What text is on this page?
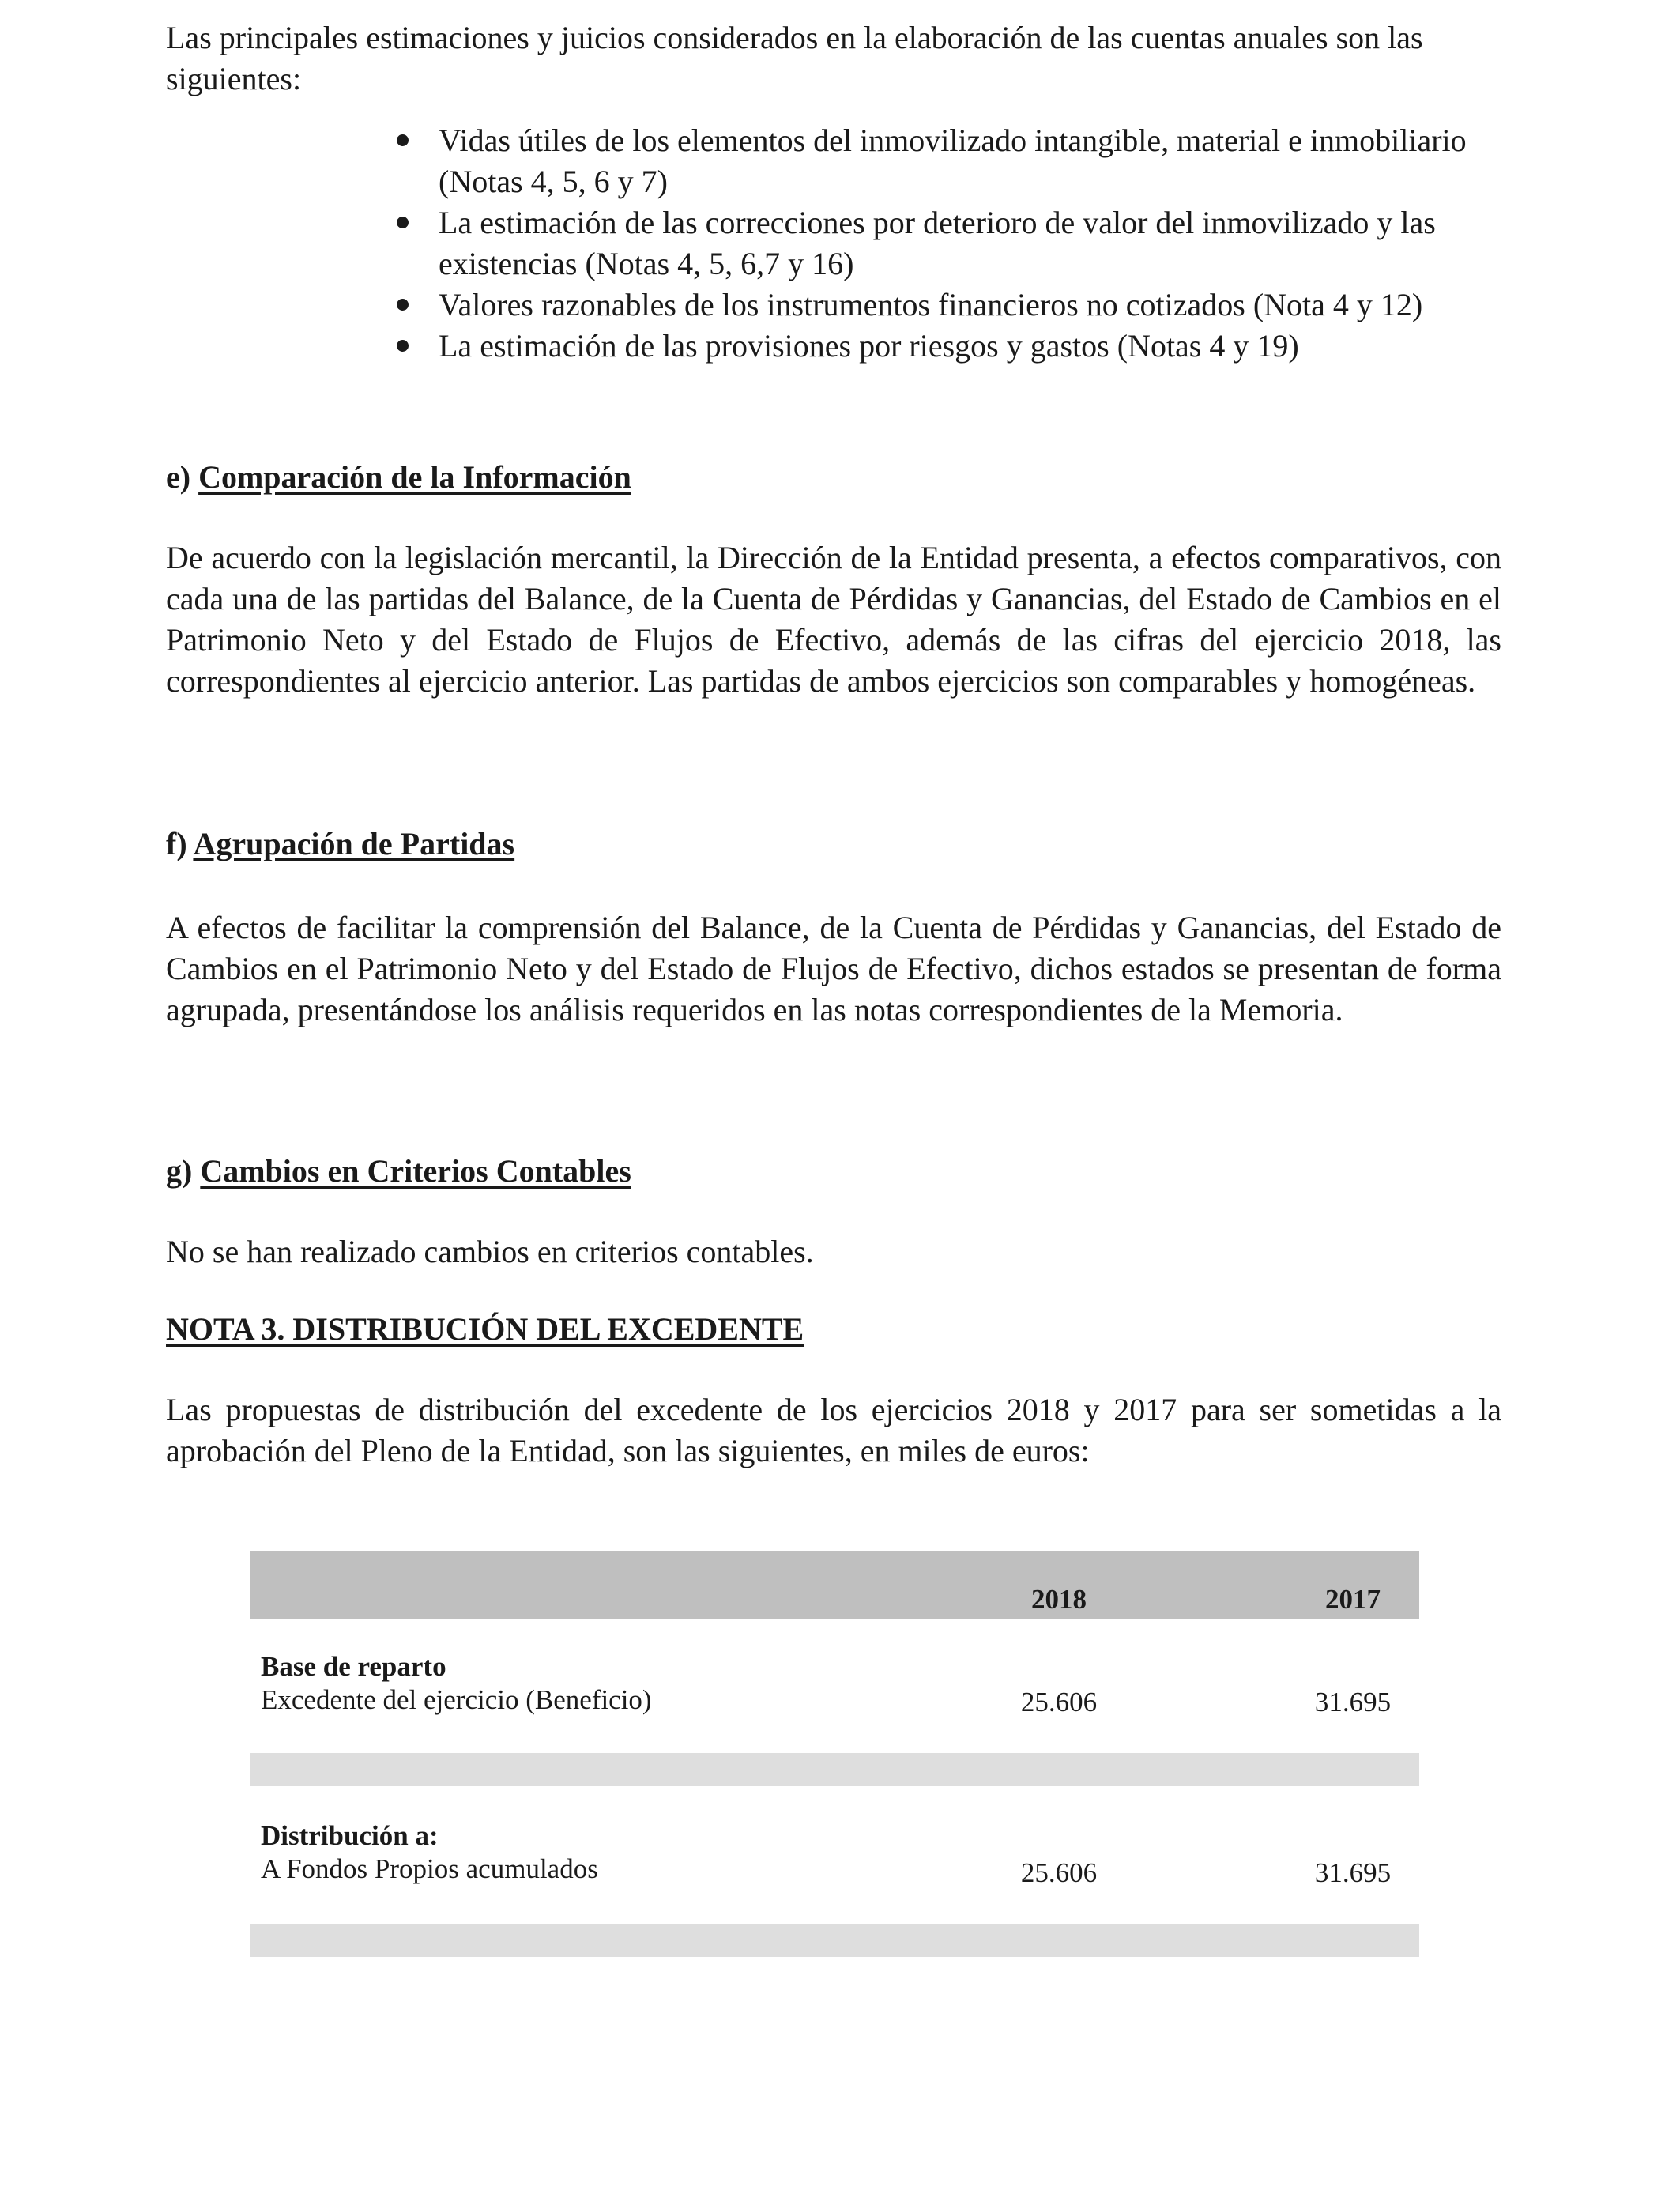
Las principales estimaciones y juicios considerados en la elaboración de las cuentas anuales son las siguientes:

Vidas útiles de los elementos del inmovilizado intangible, material e inmobiliario (Notas 4, 5, 6 y 7)
La estimación de las correcciones por deterioro de valor del inmovilizado y las existencias (Notas 4, 5, 6,7 y 16)
Valores razonables de los instrumentos financieros no cotizados (Nota 4 y 12)
La estimación de las provisiones por riesgos y gastos (Notas 4 y 19)

e) Comparación de la Información

De acuerdo con la legislación mercantil, la Dirección de la Entidad presenta, a efectos comparativos, con cada una de las partidas del Balance, de la Cuenta de Pérdidas y Ganancias, del Estado de Cambios en el Patrimonio Neto y del Estado de Flujos de Efectivo, además de las cifras del ejercicio 2018, las correspondientes al ejercicio anterior. Las partidas de ambos ejercicios son comparables y homogéneas.

f) Agrupación de Partidas

A efectos de facilitar la comprensión del Balance, de la Cuenta de Pérdidas y Ganancias, del Estado de Cambios en el Patrimonio Neto y del Estado de Flujos de Efectivo, dichos estados se presentan de forma agrupada, presentándose los análisis requeridos en las notas correspondientes de la Memoria.

g) Cambios en Criterios Contables

No se han realizado cambios en criterios contables.

NOTA 3. DISTRIBUCIÓN DEL EXCEDENTE

Las propuestas de distribución del excedente de los ejercicios 2018 y 2017 para ser sometidas a la aprobación del Pleno de la Entidad, son las siguientes, en miles de euros:

2018	2017
Base de reparto
Excedente del ejercicio (Beneficio)	25.606	31.695
Distribución a:
A Fondos Propios acumulados	25.606	31.695
